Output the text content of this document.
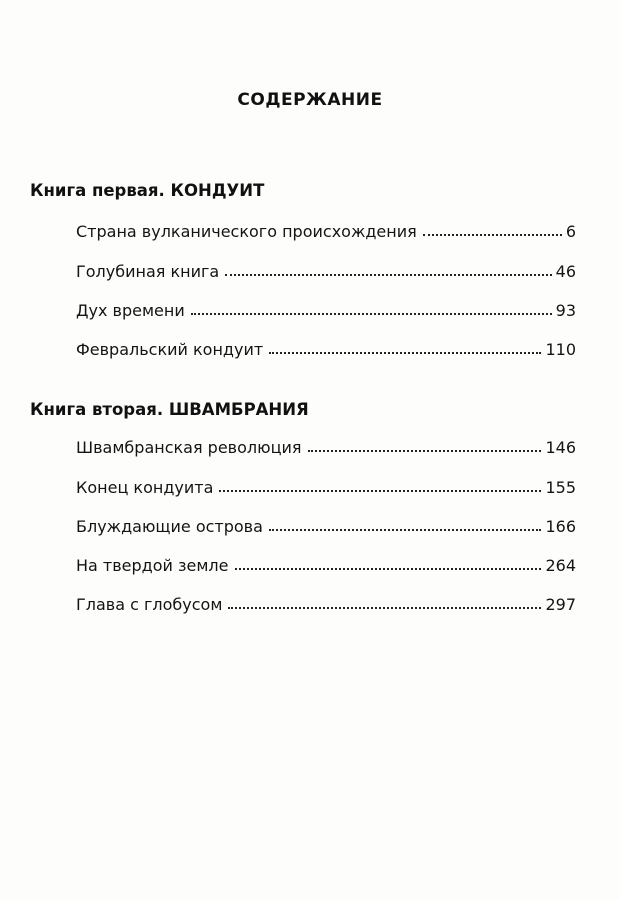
СОДЕРЖАНИЕ
Книга первая. КОНДУИТ
Страна вулканического происхождения	6
Голубиная книга	46
Дух времени	93
Февральский кондуит	110
Книга вторая. ШВАМБРАНИЯ
Швамбранская революция	146
Конец кондуита	155
Блуждающие острова	166
На твердой земле	264
Глава с глобусом	297
